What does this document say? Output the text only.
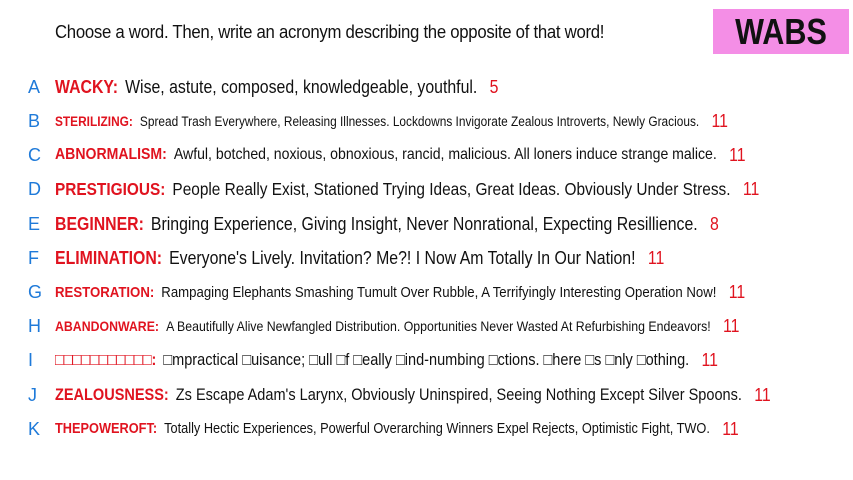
Choose a word. Then, write an acronym describing the opposite of that word!	WABS
A WACKY: Wise, astute, composed, knowledgeable, youthful. 5
B STERILIZING: Spread Trash Everywhere, Releasing Illnesses. Lockdowns Invigorate Zealous Introverts, Newly Gracious. 11
C ABNORMALISM: Awful, botched, noxious, obnoxious, rancid, malicious. All loners induce strange malice. 11
D PRESTIGIOUS: People Really Exist, Stationed Trying Ideas, Great Ideas. Obviously Under Stress. 11
E BEGINNER: Bringing Experience, Giving Insight, Never Nonrational, Expecting Resillience. 8
F ELIMINATION: Everyone's Lively. Invitation? Me?! I Now Am Totally In Our Nation! 11
G RESTORATION: Rampaging Elephants Smashing Tumult Over Rubble, A Terrifyingly Interesting Operation Now! 11
H ABANDONWARE: A Beautifully Alive Newfangled Distribution. Opportunities Never Wasted At Refurbishing Endeavors! 11
I	□□□□□□□□□□□: □mpractical □uisance; □ull □f □eally □ind-numbing □ctions. □here □s □nly □othing. 11
J	ZEALOUSNESS: Zs Escape Adam's Larynx, Obviously Uninspired, Seeing Nothing Except Silver Spoons. 11
K THEPOWEROFT: Totally Hectic Experiences, Powerful Overarching Winners Expel Rejects, Optimistic Fight, TWO. 11
